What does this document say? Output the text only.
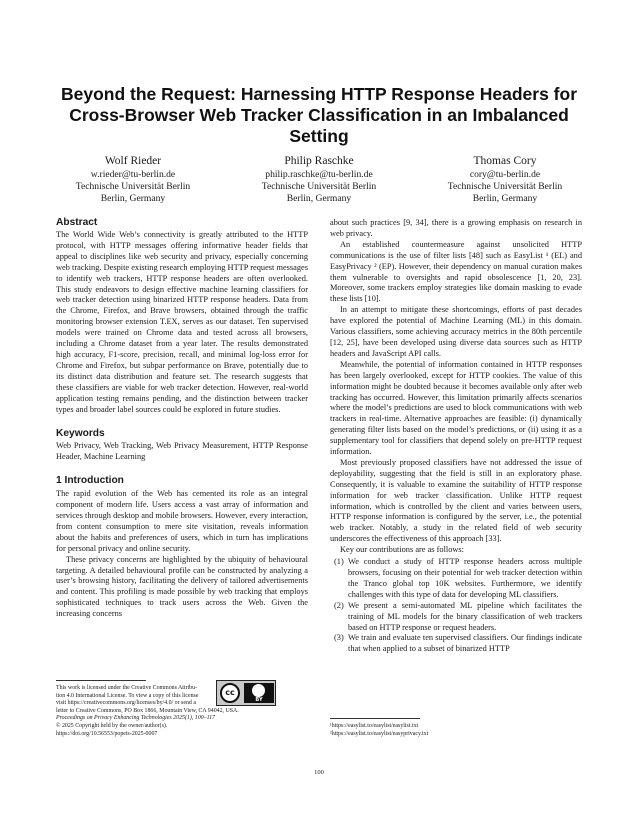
Beyond the Request: Harnessing HTTP Response Headers for Cross-Browser Web Tracker Classification in an Imbalanced Setting
Wolf Rieder
w.rieder@tu-berlin.de
Technische Universität Berlin
Berlin, Germany
Philip Raschke
philip.raschke@tu-berlin.de
Technische Universität Berlin
Berlin, Germany
Thomas Cory
cory@tu-berlin.de
Technische Universität Berlin
Berlin, Germany
Abstract

The World Wide Web’s connectivity is greatly attributed to the HTTP protocol, with HTTP messages offering informative header fields that appeal to disciplines like web security and privacy, especially concerning web tracking. Despite existing research employing HTTP request messages to identify web trackers, HTTP response headers are often overlooked. This study endeavors to design effective machine learning classifiers for web tracker detection using binarized HTTP response headers. Data from the Chrome, Firefox, and Brave browsers, obtained through the traffic monitoring browser extension T.EX, serves as our dataset. Ten supervised models were trained on Chrome data and tested across all browsers, including a Chrome dataset from a year later. The results demonstrated high accuracy, F1-score, precision, recall, and minimal log-loss error for Chrome and Firefox, but subpar performance on Brave, potentially due to its distinct data distribution and feature set. The research suggests that these classifiers are viable for web tracker detection. However, real-world application testing remains pending, and the distinction between tracker types and broader label sources could be explored in future studies.

Keywords

Web Privacy, Web Tracking, Web Privacy Measurement, HTTP Response Header, Machine Learning

1 Introduction

The rapid evolution of the Web has cemented its role as an integral component of modern life. Users access a vast array of information and services through desktop and mobile browsers. However, every interaction, from content consumption to mere site visitation, reveals information about the habits and preferences of users, which in turn has implications for personal privacy and online security.

These privacy concerns are highlighted by the ubiquity of behavioural targeting. A detailed behavioural profile can be constructed by analyzing a user’s browsing history, facilitating the delivery of tailored advertisements and content. This profiling is made possible by web tracking that employs sophisticated techniques to track users across the Web. Given the increasing concerns

about such practices [9, 34], there is a growing emphasis on research in web privacy.

An established countermeasure against unsolicited HTTP communications is the use of filter lists [48] such as EasyList ¹ (EL) and EasyPrivacy ² (EP). However, their dependency on manual curation makes them vulnerable to oversights and rapid obsolescence [1, 20, 23]. Moreover, some trackers employ strategies like domain masking to evade these lists [10].

In an attempt to mitigate these shortcomings, efforts of past decades have explored the potential of Machine Learning (ML) in this domain. Various classifiers, some achieving accuracy metrics in the 80th percentile [12, 25], have been developed using diverse data sources such as HTTP headers and JavaScript API calls.

Meanwhile, the potential of information contained in HTTP responses has been largely overlooked, except for HTTP cookies. The value of this information might be doubted because it becomes available only after web tracking has occurred. However, this limitation primarily affects scenarios where the model’s predictions are used to block communications with web trackers in real-time. Alternative approaches are feasible: (i) dynamically generating filter lists based on the model’s predictions, or (ii) using it as a supplementary tool for classifiers that depend solely on pre-HTTP request information.

Most previously proposed classifiers have not addressed the issue of deployability, suggesting that the field is still in an exploratory phase. Consequently, it is valuable to examine the suitability of HTTP response information for web tracker classification. Unlike HTTP request information, which is controlled by the client and varies between users, HTTP response information is configured by the server, i.e., the potential web tracker. Notably, a study in the related field of web security underscores the effectiveness of this approach [33].

Key our contributions are as follows:

(1) We conduct a study of HTTP response headers across multiple browsers, focusing on their potential for web tracker detection within the Tranco global top 10K websites. Furthermore, we identify challenges with this type of data for developing ML classifiers.
(2) We present a semi-automated ML pipeline which facilitates the training of ML models for the binary classification of web trackers based on HTTP response or request headers.
(3) We train and evaluate ten supervised classifiers. Our findings indicate that when applied to a subset of binarized HTTP
This work is licensed under the Creative Commons Attribu-
tion 4.0 International License. To view a copy of this license
visit https://creativecommons.org/licenses/by/4.0/ or send a
letter to Creative Commons, PO Box 1866, Mountain View, CA 94042, USA.
Proceedings on Privacy Enhancing Technologies 2025(1), 100–117
© 2025 Copyright held by the owner/author(s).
https://doi.org/10.56553/popets-2025-0007
cc
BY
¹https://easylist.to/easylist/easylist.txt
²https://easylist.to/easylist/easyprivacy.txt
100
